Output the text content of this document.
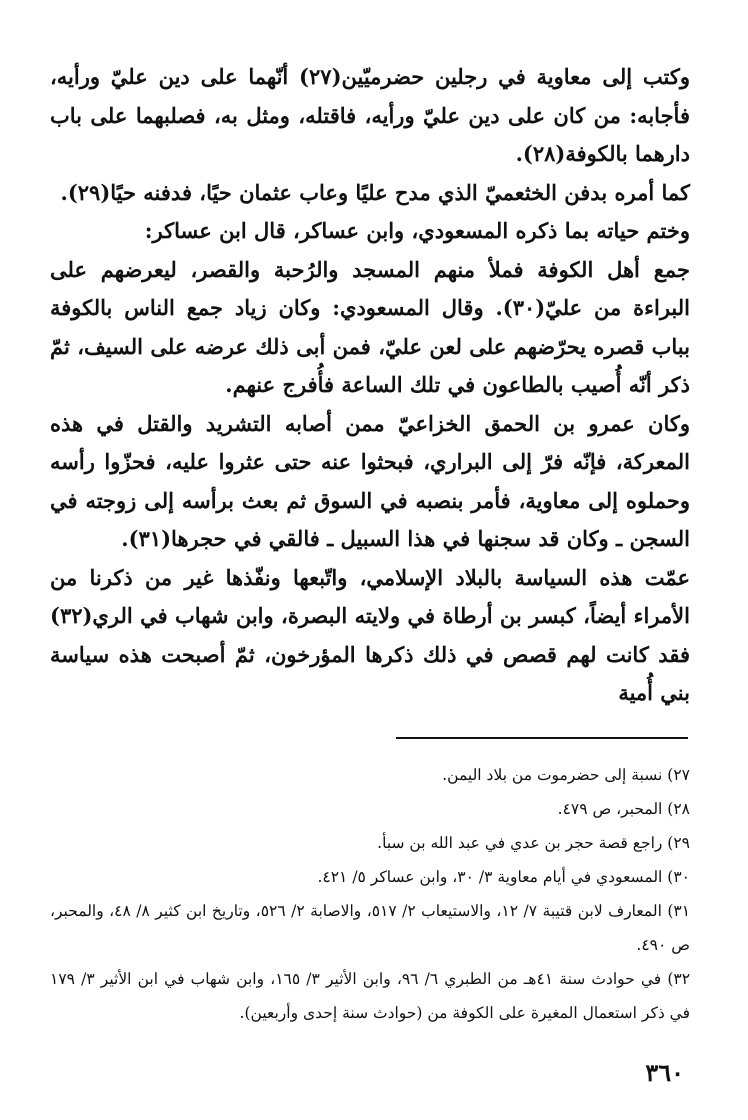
وكتب إلى معاوية في رجلين حضرميّين(٢٧) أنّهما على دين عليّ ورأيه، فأجابه: من كان على دين عليّ ورأيه، فاقتله، ومثل به، فصلبهما على باب دارهما بالكوفة(٢٨).

كما أمره بدفن الخثعميّ الذي مدح عليًا وعاب عثمان حيًا، فدفنه حيًا(٢٩).

وختم حياته بما ذكره المسعودي، وابن عساكر، قال ابن عساكر:

جمع أهل الكوفة فملأ منهم المسجد والرُحبة والقصر، ليعرضهم على البراءة من عليّ(٣٠). وقال المسعودي: وكان زياد جمع الناس بالكوفة بباب قصره يحرّضهم على لعن عليّ، فمن أبى ذلك عرضه على السيف، ثمّ ذكر أنّه أُصيب بالطاعون في تلك الساعة فأُفرج عنهم.

وكان عمرو بن الحمق الخزاعيّ ممن أصابه التشريد والقتل في هذه المعركة، فإنّه فرّ إلى البراري، فبحثوا عنه حتى عثروا عليه، فحزّوا رأسه وحملوه إلى معاوية، فأمر بنصبه في السوق ثم بعث برأسه إلى زوجته في السجن ـ وكان قد سجنها في هذا السبيل ـ فالقي في حجرها(٣١).

عمّت هذه السياسة بالبلاد الإسلامي، واتّبعها ونفّذها غير من ذكرنا من الأمراء أيضاً، كبسر بن أرطاة في ولايته البصرة، وابن شهاب في الري(٣٢) فقد كانت لهم قصص في ذلك ذكرها المؤرخون، ثمّ أصبحت هذه سياسة بني أُمية

٢٧) نسبة إلى حضرموت من بلاد اليمن.

٢٨) المحبر، ص ٤٧٩.

٢٩) راجع قصة حجر بن عدي في عبد الله بن سبأ.

٣٠) المسعودي في أيام معاوية ٣/ ٣٠، وابن عساكر ٥/ ٤٢١.

٣١) المعارف لابن قتيبة ٧/ ١٢، والاستيعاب ٢/ ٥١٧، والاصابة ٢/ ٥٢٦، وتاريخ ابن كثير ٨/ ٤٨، والمحبر، ص ٤٩٠.

٣٢) في حوادث سنة ٤١هـ من الطبري ٦/ ٩٦، وابن الأثير ٣/ ١٦٥، وابن شهاب في ابن الأثير ٣/ ١٧٩ في ذكر استعمال المغيرة على الكوفة من (حوادث سنة إحدى وأربعين).

٣٦٠
